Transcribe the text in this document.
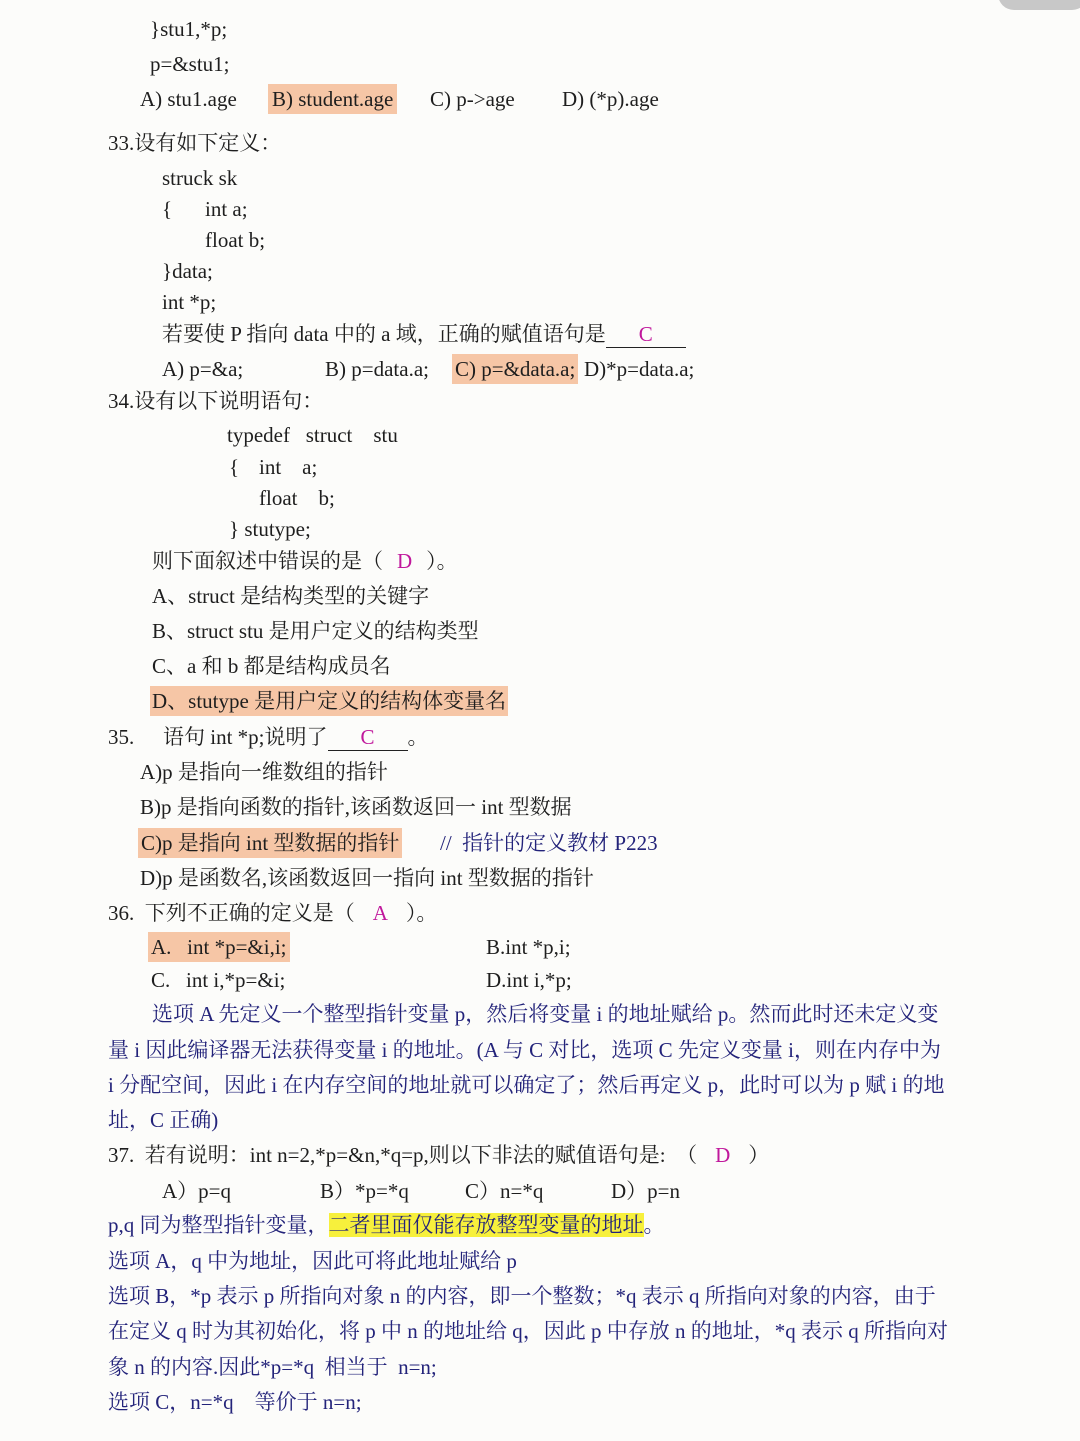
}stu1,*p;
p=&stu1;
A) stu1.age B) student.age C) p->age D) (*p).age
33.设有如下定义：
struck sk
{ int a;
float b;
}data;
int *p;
若要使 P 指向 data 中的 a 域，正确的赋值语句是 C
A) p=&a;	B) p=data.a; C) p=&data.a; D)*p=data.a;
34.设有以下说明语句：
typedef   struct    stu
{ int    a;
float    b;
} stutype;
则下面叙述中错误的是（ D ）。
A、struct 是结构类型的关键字
B、struct stu 是用户定义的结构类型
C、a 和 b 都是结构成员名
D、stutype 是用户定义的结构体变量名
35. 语句 int *p;说明了 C 。
A)p 是指向一维数组的指针
B)p 是指向函数的指针,该函数返回一 int 型数据
C)p 是指向 int 型数据的指针 //  指针的定义教材 P223
D)p 是函数名,该函数返回一指向 int 型数据的指针
36.  下列不正确的定义是（ A ）。
A.   int *p=&i,i;	B.int *p,i;
C.   int i,*p=&i;	D.int i,*p;
选项 A 先定义一个整型指针变量 p，然后将变量 i 的地址赋给 p。然而此时还未定义变
量 i 因此编译器无法获得变量 i 的地址。(A 与 C 对比，选项 C 先定义变量 i，则在内存中为
i 分配空间，因此 i 在内存空间的地址就可以确定了；然后再定义 p，此时可以为 p 赋 i 的地
址，C 正确)
37.  若有说明：int n=2,*p=&n,*q=p,则以下非法的赋值语句是:  （ D ）
A）p=q	B）*p=*q	C）n=*q	D）p=n
p,q 同为整型指针变量，二者里面仅能存放整型变量的地址。
选项 A，q 中为地址，因此可将此地址赋给 p
选项 B，*p 表示 p 所指向对象 n 的内容，即一个整数；*q 表示 q 所指向对象的内容，由于
在定义 q 时为其初始化，将 p 中 n 的地址给 q，因此 p 中存放 n 的地址，*q 表示 q 所指向对
象 n 的内容.因此*p=*q  相当于  n=n;
选项 C，n=*q    等价于 n=n;
